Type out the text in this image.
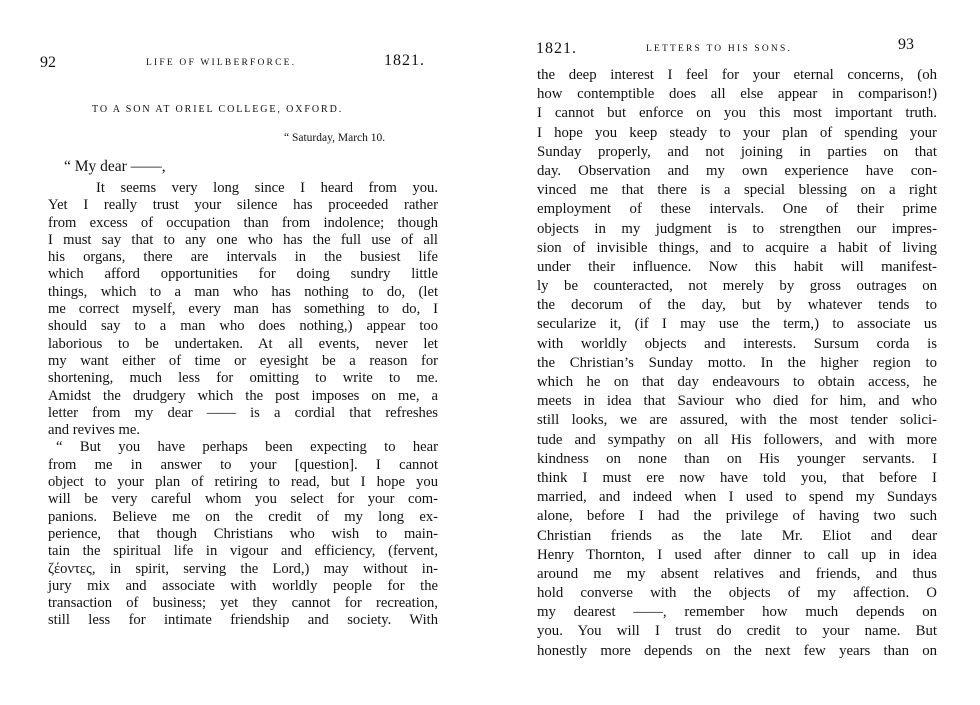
92	LIFE OF WILBERFORCE.	1821.
TO A SON AT ORIEL COLLEGE, OXFORD.
“ Saturday, March 10.
“ My dear ——,
It seems very long since I heard from you.
Yet I really trust your silence has proceeded rather
from excess of occupation than from indolence; though
I must say that to any one who has the full use of all
his organs, there are intervals in the busiest life
which afford opportunities for doing sundry little
things, which to a man who has nothing to do, (let
me correct myself, every man has something to do, I
should say to a man who does nothing,) appear too
laborious to be undertaken. At all events, never let
my want either of time or eyesight be a reason for
shortening, much less for omitting to write to me.
Amidst the drudgery which the post imposes on me, a
letter from my dear —— is a cordial that refreshes
and revives me.
“ But you have perhaps been expecting to hear
from me in answer to your [question]. I cannot
object to your plan of retiring to read, but I hope you
will be very careful whom you select for your com-
panions. Believe me on the credit of my long ex-
perience, that though Christians who wish to main-
tain the spiritual life in vigour and efficiency, (fervent,
ζέοντες, in spirit, serving the Lord,) may without in-
jury mix and associate with worldly people for the
transaction of business; yet they cannot for recreation,
still less for intimate friendship and society. With
1821.	LETTERS TO HIS SONS.	93
the deep interest I feel for your eternal concerns, (oh
how contemptible does all else appear in comparison!)
I cannot but enforce on you this most important truth.
I hope you keep steady to your plan of spending your
Sunday properly, and not joining in parties on that
day. Observation and my own experience have con-
vinced me that there is a special blessing on a right
employment of these intervals. One of their prime
objects in my judgment is to strengthen our impres-
sion of invisible things, and to acquire a habit of living
under their influence. Now this habit will manifest-
ly be counteracted, not merely by gross outrages on
the decorum of the day, but by whatever tends to
secularize it, (if I may use the term,) to associate us
with worldly objects and interests. Sursum corda is
the Christian’s Sunday motto. In the higher region to
which he on that day endeavours to obtain access, he
meets in idea that Saviour who died for him, and who
still looks, we are assured, with the most tender solici-
tude and sympathy on all His followers, and with more
kindness on none than on His younger servants. I
think I must ere now have told you, that before I
married, and indeed when I used to spend my Sundays
alone, before I had the privilege of having two such
Christian friends as the late Mr. Eliot and dear
Henry Thornton, I used after dinner to call up in idea
around me my absent relatives and friends, and thus
hold converse with the objects of my affection. O
my dearest ——, remember how much depends on
you. You will I trust do credit to your name. But
honestly more depends on the next few years than on
